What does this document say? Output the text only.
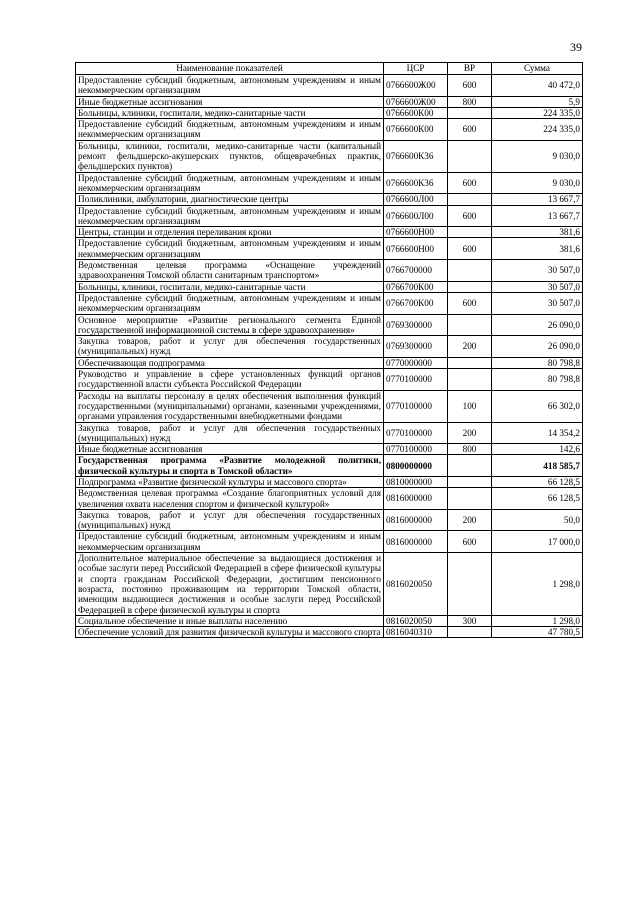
39
Наименование показателей	ЦСР	ВР	Сумма
Предоставление субсидий бюджетным, автономным учреждениям и иным некоммерческим организациям	0766600Ж00	600	40 472,0
Иные бюджетные ассигнования	0766600Ж00	800	5,9
Больницы, клиники, госпитали, медико-санитарные части	0766600К00		224 335,0
Предоставление субсидий бюджетным, автономным учреждениям и иным некоммерческим организациям	0766600К00	600	224 335,0
Больницы, клиники, госпитали, медико-санитарные части (капитальный ремонт фельдшерско-акушерских пунктов, общеврачебных практик, фельдшерских пунктов)	0766600К36		9 030,0
Предоставление субсидий бюджетным, автономным учреждениям и иным некоммерческим организациям	0766600К36	600	9 030,0
Поликлиники, амбулатории, диагностические центры	0766600Л00		13 667,7
Предоставление субсидий бюджетным, автономным учреждениям и иным некоммерческим организациям	0766600Л00	600	13 667,7
Центры, станции и отделения переливания крови	0766600Н00		381,6
Предоставление субсидий бюджетным, автономным учреждениям и иным некоммерческим организациям	0766600Н00	600	381,6
Ведомственная целевая программа «Оснащение учреждений здравоохранения Томской области санитарным транспортом»	0766700000		30 507,0
Больницы, клиники, госпитали, медико-санитарные части	0766700К00		30 507,0
Предоставление субсидий бюджетным, автономным учреждениям и иным некоммерческим организациям	0766700К00	600	30 507,0
Основное мероприятие «Развитие регионального сегмента Единой государственной информационной системы в сфере здравоохранения»	0769300000		26 090,0
Закупка товаров, работ и услуг для обеспечения государственных (муниципальных) нужд	0769300000	200	26 090,0
Обеспечивающая подпрограмма	0770000000		80 798,8
Руководство и управление в сфере установленных функций органов государственной власти субъекта Российской Федерации	0770100000		80 798,8
Расходы на выплаты персоналу в целях обеспечения выполнения функций государственными (муниципальными) органами, казенными учреждениями, органами управления государственными внебюджетными фондами	0770100000	100	66 302,0
Закупка товаров, работ и услуг для обеспечения государственных (муниципальных) нужд	0770100000	200	14 354,2
Иные бюджетные ассигнования	0770100000	800	142,6
Государственная программа «Развитие молодежной политики, физической культуры и спорта в Томской области»	0800000000		418 585,7
Подпрограмма «Развитие физической культуры и массового спорта»	0810000000		66 128,5
Ведомственная целевая программа «Создание благоприятных условий для увеличения охвата населения спортом и физической культурой»	0816000000		66 128,5
Закупка товаров, работ и услуг для обеспечения государственных (муниципальных) нужд	0816000000	200	50,0
Предоставление субсидий бюджетным, автономным учреждениям и иным некоммерческим организациям	0816000000	600	17 000,0
Дополнительное материальное обеспечение за выдающиеся достижения и особые заслуги перед Российской Федерацией в сфере физической культуры и спорта гражданам Российской Федерации, достигшим пенсионного возраста, постоянно проживающим на территории Томской области, имеющим выдающиеся достижения и особые заслуги перед Российской Федерацией в сфере физической культуры и спорта	0816020050		1 298,0
Социальное обеспечение и иные выплаты населению	0816020050	300	1 298,0
Обеспечение условий для развития физической культуры и массового спорта	0816040310		47 780,5
